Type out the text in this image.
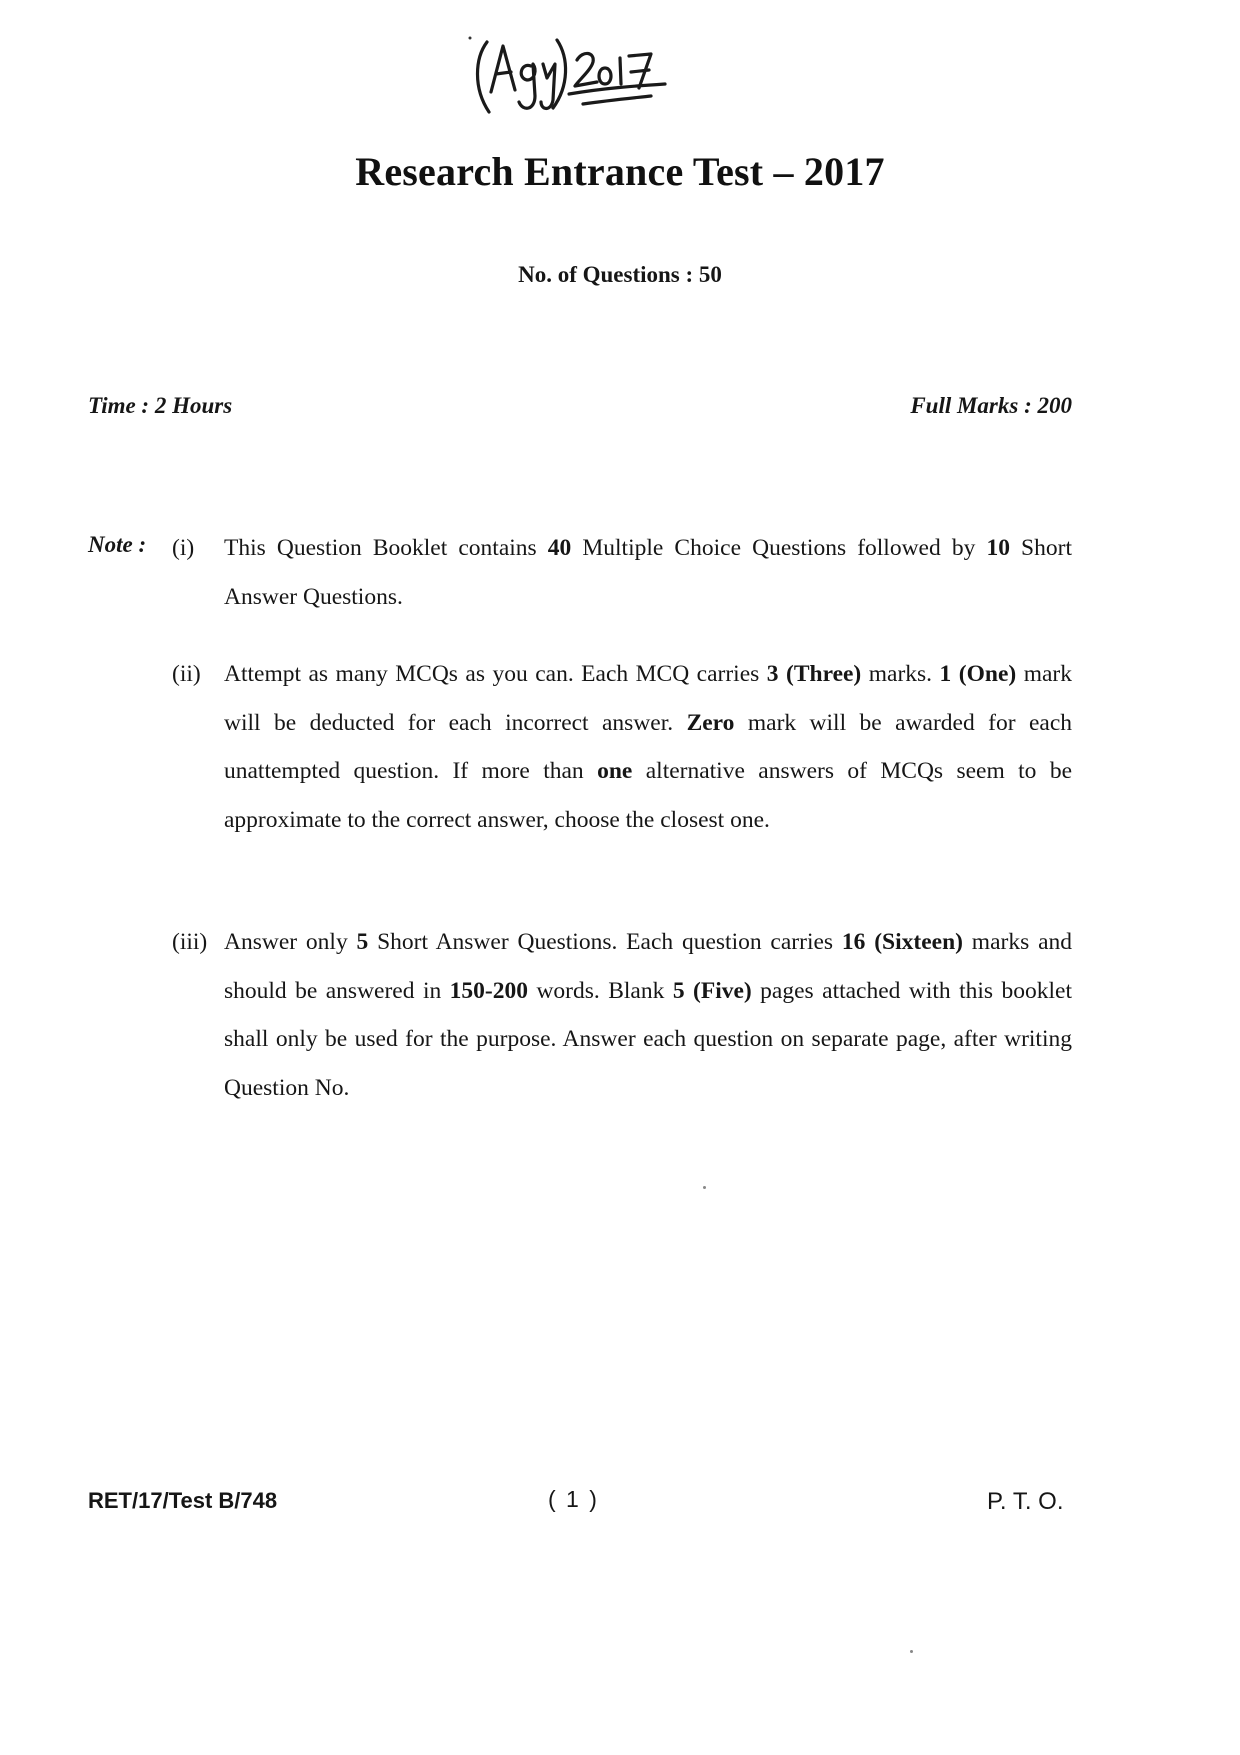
Research Entrance Test – 2017
No. of Questions : 50
Time : 2 Hours	Full Marks : 200
Note : (i)	This Question Booklet contains 40 Multiple Choice Questions followed by 10 Short Answer Questions.
(ii) Attempt as many MCQs as you can. Each MCQ carries 3 (Three) marks. 1 (One) mark will be deducted for each incorrect answer. Zero mark will be awarded for each unattempted question. If more than one alternative answers of MCQs seem to be approximate to the correct answer, choose the closest one.
(iii) Answer only 5 Short Answer Questions. Each question carries 16 (Sixteen) marks and should be answered in 150-200 words. Blank 5 (Five) pages attached with this booklet shall only be used for the purpose. Answer each question on separate page, after writing Question No.
RET/17/Test B/748	( 1 )	P. T. O.
